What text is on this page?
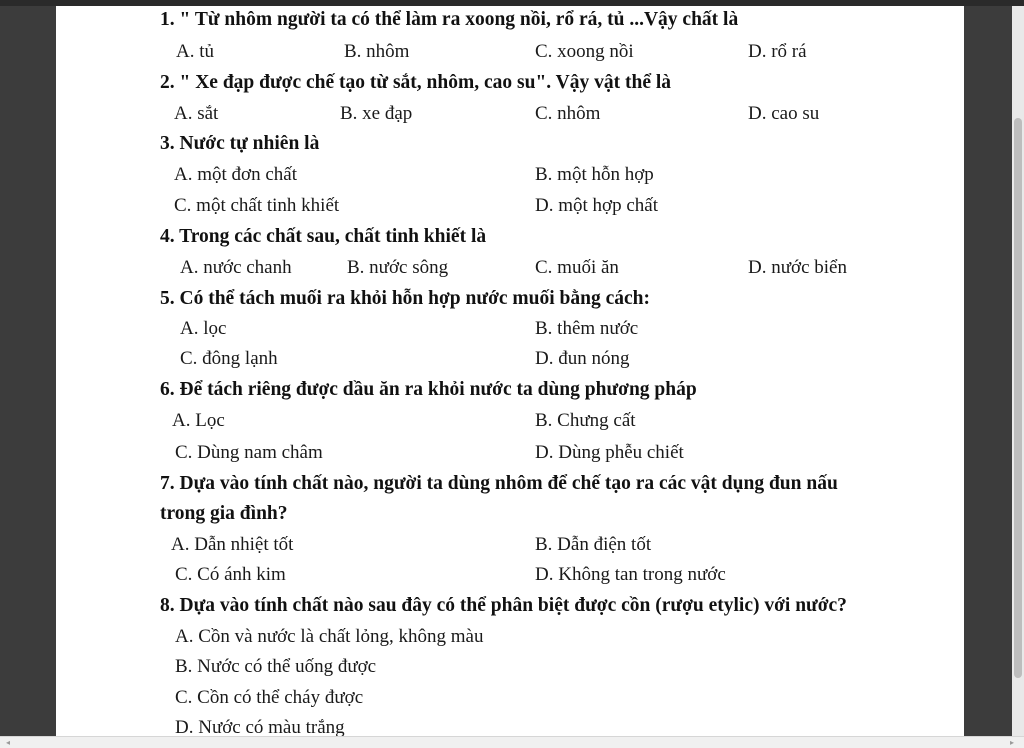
1. " Từ nhôm người ta có thể làm ra xoong nồi, rổ rá, tủ ...Vậy chất là
A. tủ	B. nhôm	C. xoong nồi	D. rổ rá
2. " Xe đạp được chế tạo từ sắt, nhôm, cao su". Vậy vật thể là
A. sắt	B. xe đạp	C. nhôm	D. cao su
3. Nước tự nhiên là
A. một đơn chất	B. một hỗn hợp
C. một chất tinh khiết	D. một hợp chất
4. Trong các chất sau, chất tinh khiết là
A. nước chanh	B. nước sông	C. muối ăn	D. nước biển
5. Có thể tách muối ra khỏi hỗn hợp nước muối bằng cách:
A. lọc	B. thêm nước
C. đông lạnh	D. đun nóng
6. Để tách riêng được dầu ăn ra khỏi nước ta dùng phương pháp
A. Lọc	B. Chưng cất
C. Dùng nam châm	D. Dùng phễu chiết
7. Dựa vào tính chất nào, người ta dùng nhôm để chế tạo ra các vật dụng đun nấu
trong gia đình?
A. Dẫn nhiệt tốt	B. Dẫn điện tốt
C. Có ánh kim	D. Không tan trong nước
8. Dựa vào tính chất nào sau đây có thể phân biệt được cồn (rượu etylic) với nước?
A. Cồn và nước là chất lỏng, không màu
B. Nước có thể uống được
C. Cồn có thể cháy được
D. Nước có màu trắng
◂	▸
